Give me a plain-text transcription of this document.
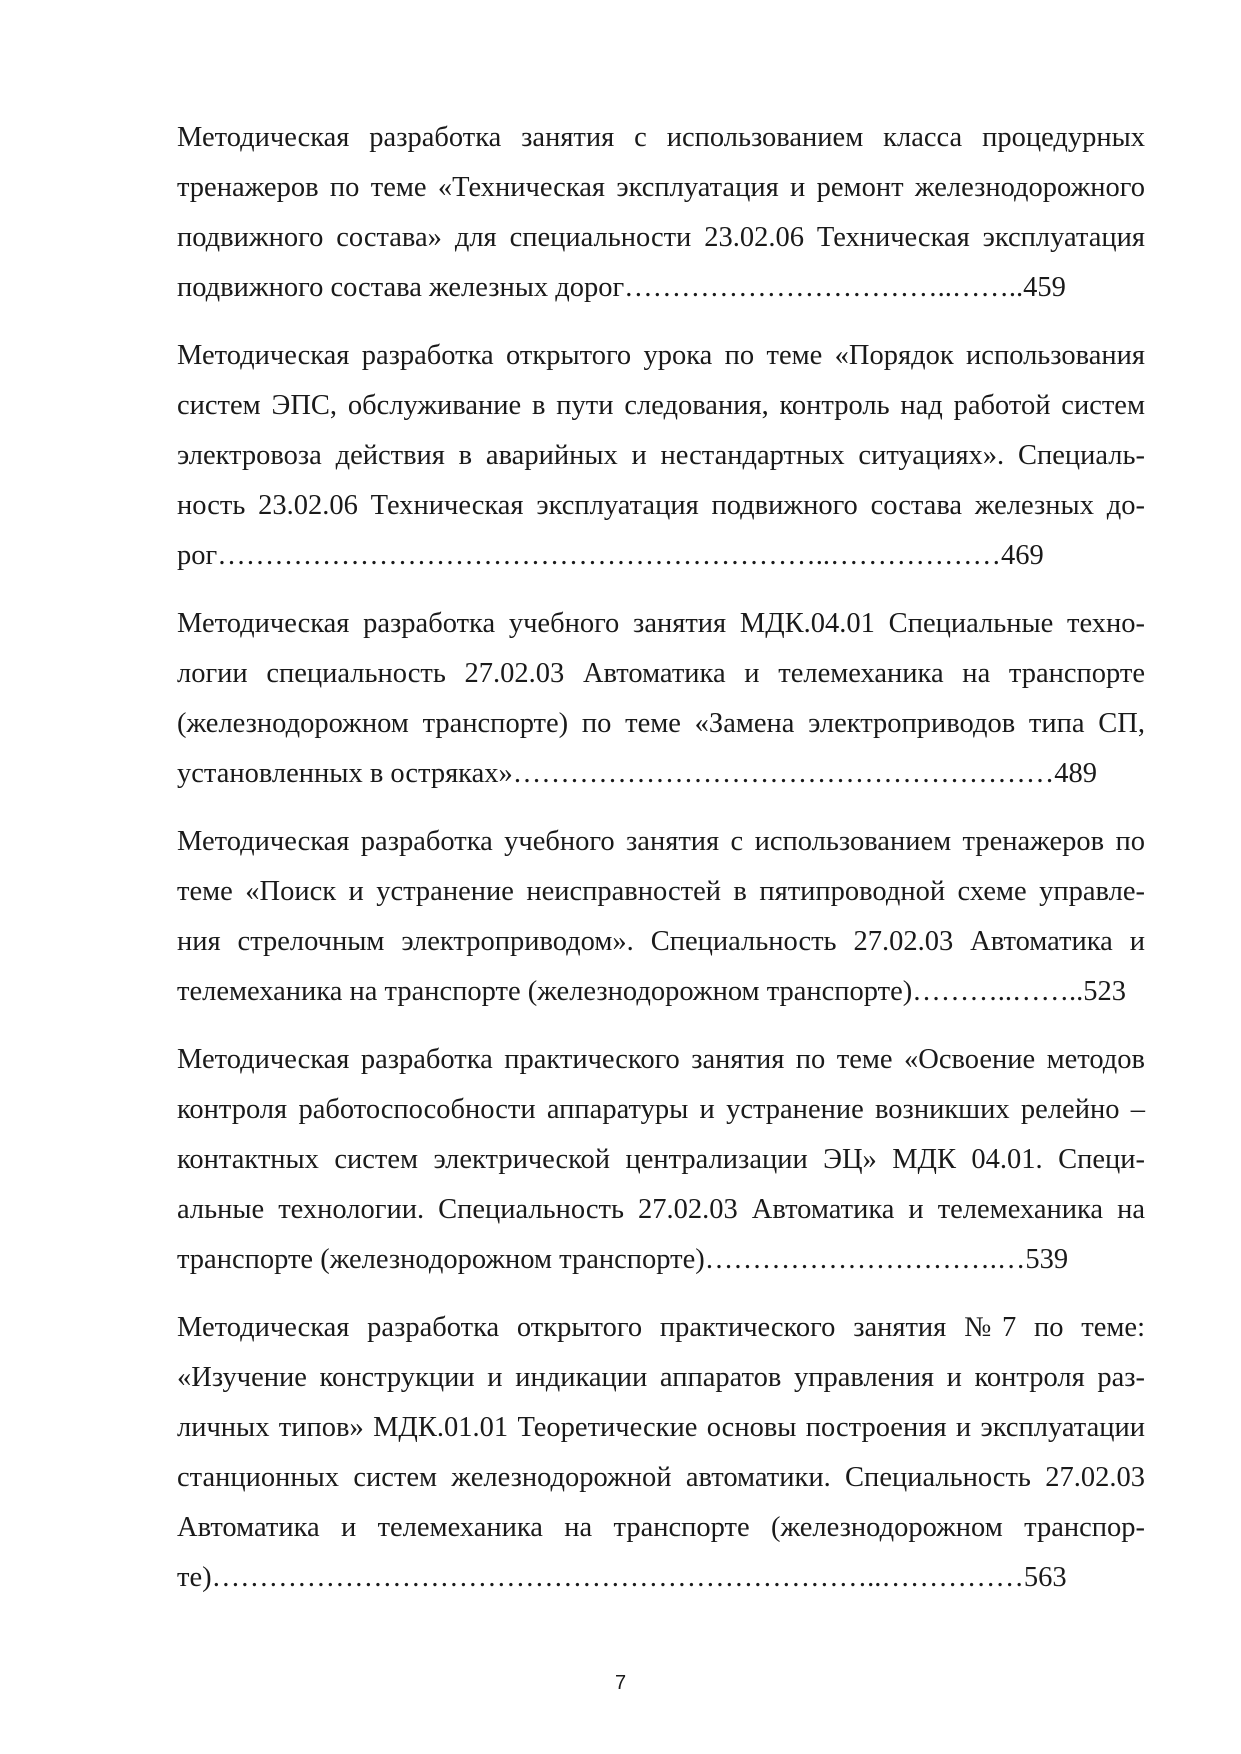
Методическая разработка занятия с использованием класса процедурных тренажеров по теме «Техническая эксплуатация и ремонт железнодорожного подвижного состава» для специальности 23.02.06 Техническая эксплуатация
подвижного состава железных дорог……………………………..……..459

Методическая разработка открытого урока по теме «Порядок использования систем ЭПС, обслуживание в пути следования, контроль над работой систем электровоза действия в аварийных и нестандартных ситуациях». Специаль-ность 23.02.06 Техническая эксплуатация подвижного состава железных до-
рог………………………………………………………..………………469

Методическая разработка учебного занятия МДК.04.01 Специальные техно-логии специальность 27.02.03 Автоматика и телемеханика на транспорте (железнодорожном транспорте) по теме «Замена электроприводов типа СП,
установленных в остряках»…………………………………………………489

Методическая разработка учебного занятия с использованием тренажеров по теме «Поиск и устранение неисправностей в пятипроводной схеме управле-ния стрелочным электроприводом». Специальность 27.02.03 Автоматика и
телемеханика на транспорте (железнодорожном транспорте)………..……..523

Методическая разработка практического занятия по теме «Освоение методов контроля работоспособности аппаратуры и устранение возникших релейно – контактных систем электрической централизации ЭЦ» МДК 04.01. Специ-альные технологии. Специальность 27.02.03 Автоматика и телемеханика на
транспорте (железнодорожном транспорте)………………………….…539

Методическая разработка открытого практического занятия №7 по теме: «Изучение конструкции и индикации аппаратов управления и контроля раз-личных типов» МДК.01.01 Теоретические основы построения и эксплуатации станционных систем железнодорожной автоматики. Специальность 27.02.03 Автоматика и телемеханика на транспорте (железнодорожном транспор-
те)……………………………………………………………..……………563

7
